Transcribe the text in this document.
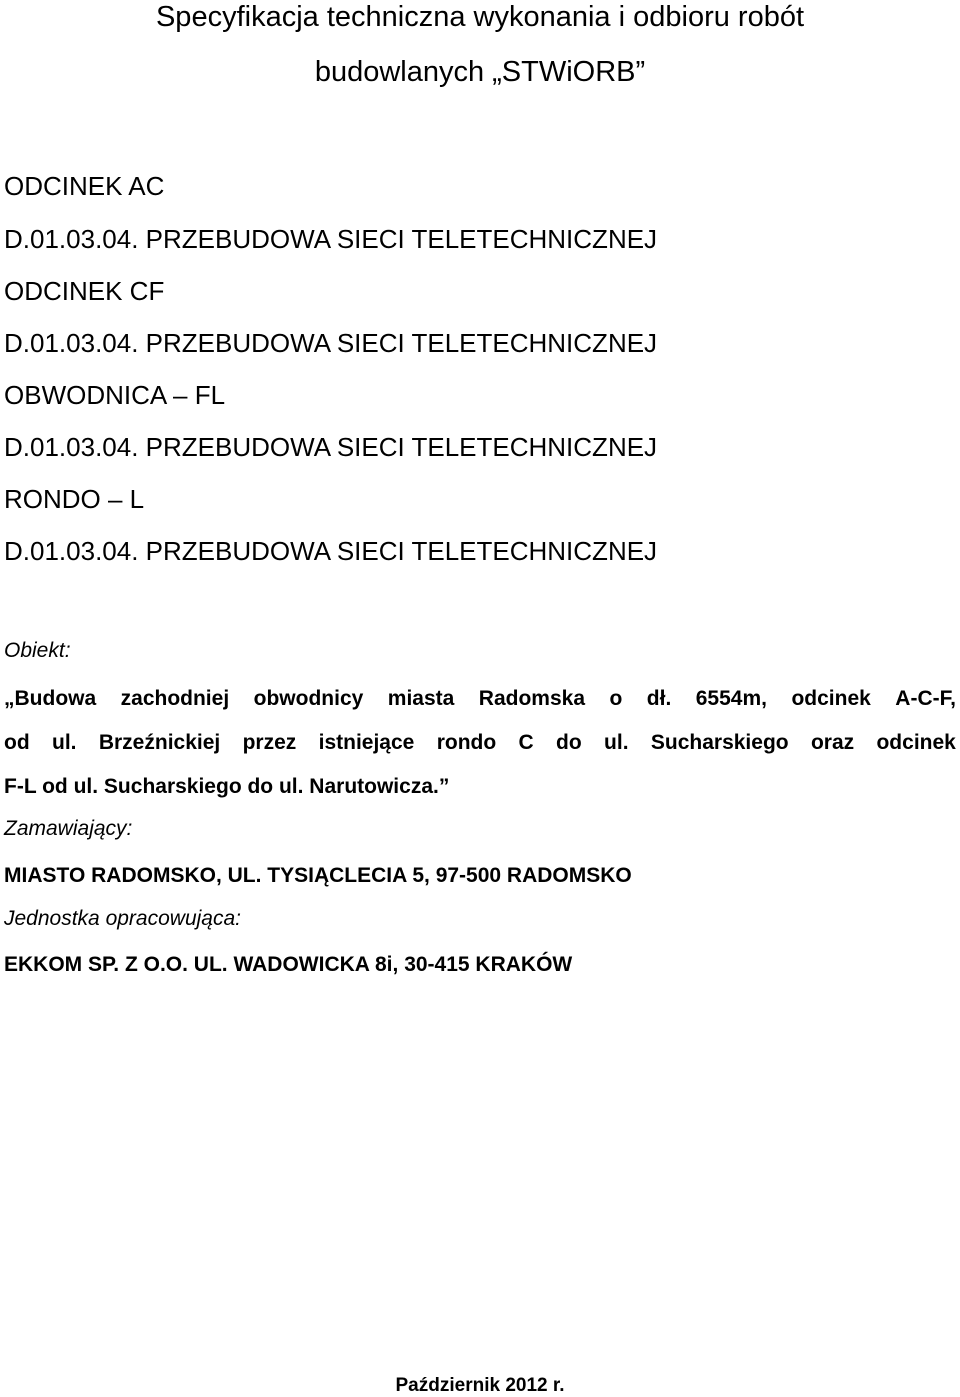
Specyfikacja techniczna wykonania i odbioru robót
budowlanych „STWiORB”
ODCINEK AC
D.01.03.04. PRZEBUDOWA SIECI TELETECHNICZNEJ
ODCINEK CF
D.01.03.04. PRZEBUDOWA SIECI TELETECHNICZNEJ
OBWODNICA – FL
D.01.03.04. PRZEBUDOWA SIECI TELETECHNICZNEJ
RONDO – L
D.01.03.04. PRZEBUDOWA SIECI TELETECHNICZNEJ
Obiekt:
„Budowa zachodniej obwodnicy miasta Radomska o dł. 6554m, odcinek A-C-F,
od ul. Brzeźnickiej przez istniejące rondo C do ul. Sucharskiego oraz odcinek
F-L od ul. Sucharskiego do ul. Narutowicza.”
Zamawiający:
MIASTO RADOMSKO, UL. TYSIĄCLECIA 5, 97-500 RADOMSKO
Jednostka opracowująca:
EKKOM SP. Z O.O. UL. WADOWICKA 8i, 30-415 KRAKÓW
Październik 2012 r.
